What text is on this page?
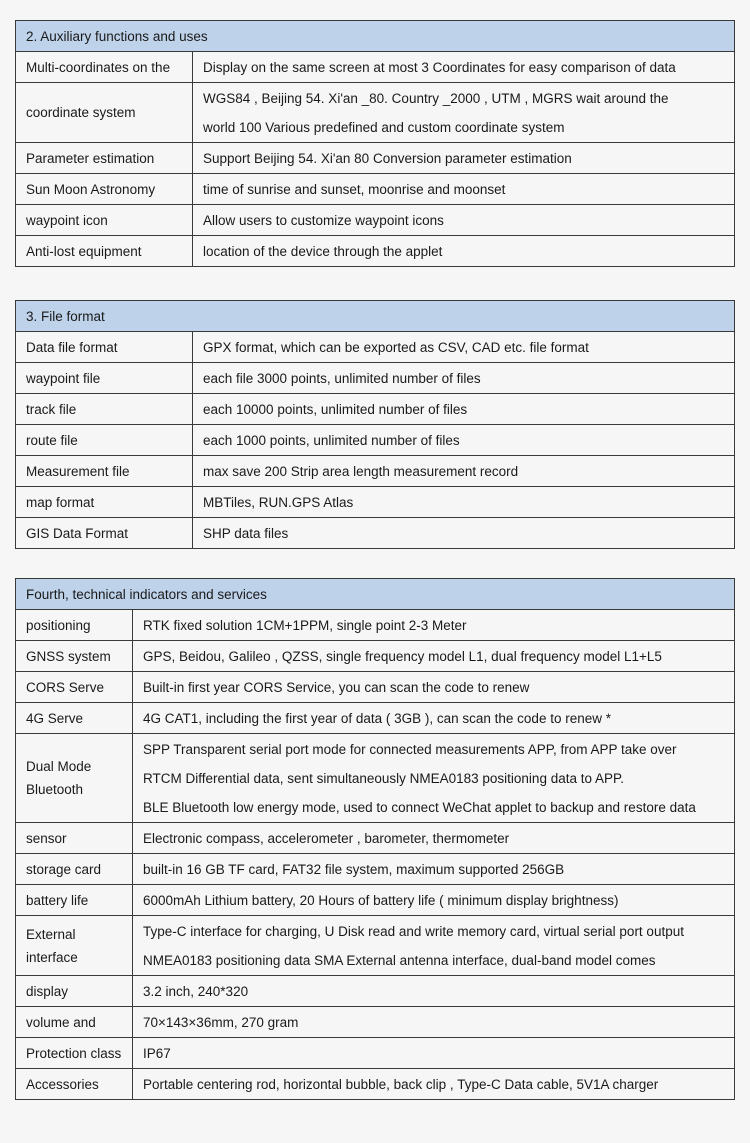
2. Auxiliary functions and uses	

Multi-coordinates on the	Display on the same screen at most 3 Coordinates for easy comparison of data

coordinate system	WGS84 , Beijing 54. Xi'an _80. Country _2000 , UTM , MGRS wait around the
world 100 Various predefined and custom coordinate system

Parameter estimation	Support Beijing 54. Xi'an 80 Conversion parameter estimation

Sun Moon Astronomy	time of sunrise and sunset, moonrise and moonset

waypoint icon	Allow users to customize waypoint icons

Anti-lost equipment	location of the device through the applet
3. File format	

Data file format	GPX format, which can be exported as CSV, CAD etc. file format

waypoint file	each file 3000 points, unlimited number of files

track file	each 10000 points, unlimited number of files

route file	each 1000 points, unlimited number of files

Measurement file	max save 200 Strip area length measurement record

map format	MBTiles, RUN.GPS Atlas

GIS Data Format	SHP data files
Fourth, technical indicators and services	

positioning	RTK fixed solution 1CM+1PPM, single point 2-3 Meter

GNSS system	GPS, Beidou, Galileo , QZSS, single frequency model L1, dual frequency model L1+L5

CORS Serve	Built-in first year CORS Service, you can scan the code to renew

4G Serve	4G CAT1, including the first year of data ( 3GB ), can scan the code to renew *

Dual Mode
Bluetooth	SPP Transparent serial port mode for connected measurements APP, from APP take over
RTCM Differential data, sent simultaneously NMEA0183 positioning data to APP.
BLE Bluetooth low energy mode, used to connect WeChat applet to backup and restore data

sensor	Electronic compass, accelerometer , barometer, thermometer

storage card	built-in 16 GB TF card, FAT32 file system, maximum supported 256GB

battery life	6000mAh Lithium battery, 20 Hours of battery life ( minimum display brightness)

External
interface	Type-C interface for charging, U Disk read and write memory card, virtual serial port output
NMEA0183 positioning data SMA External antenna interface, dual-band model comes

display	3.2 inch, 240*320

volume and	70×143×36mm, 270 gram

Protection class	IP67

Accessories	Portable centering rod, horizontal bubble, back clip , Type-C Data cable, 5V1A charger
